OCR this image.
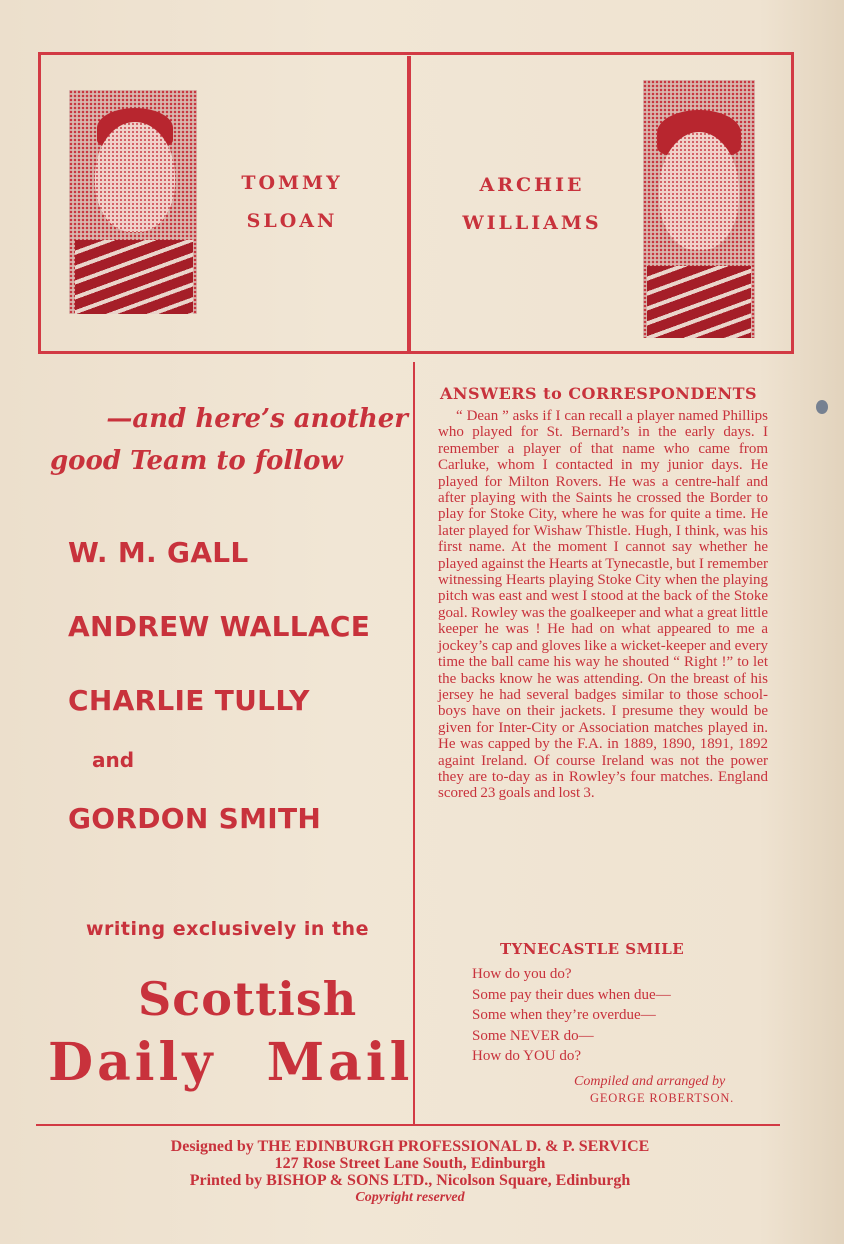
TOMMY
SLOAN
ARCHIE
WILLIAMS
—and here’s another
good Team to follow
W. M. GALL
ANDREW WALLACE
CHARLIE TULLY
and
GORDON SMITH
writing exclusively in the
Scottish
Daily Mail
ANSWERS to CORRESPONDENTS
“ Dean ” asks if I can recall a player named Phillips who played for St. Bernard’s in the early days. I remember a player of that name who came from Carluke, whom I contacted in my junior days. He played for Milton Rovers. He was a centre-half and after playing with the Saints he crossed the Border to play for Stoke City, where he was for quite a time. He later played for Wishaw Thistle. Hugh, I think, was his first name. At the moment I cannot say whether he played against the Hearts at Tynecastle, but I remember witnessing Hearts playing Stoke City when the playing pitch was east and west I stood at the back of the Stoke goal. Rowley was the goalkeeper and what a great little keeper he was ! He had on what appeared to me a jockey’s cap and gloves like a wicket-keeper and every time the ball came his way he shouted “ Right !” to let the backs know he was attending. On the breast of his jersey he had several badges similar to those school-boys have on their jackets. I presume they would be given for Inter-City or Association matches played in. He was capped by the F.A. in 1889, 1890, 1891, 1892 againt Ireland. Of course Ireland was not the power they are to-day as in Rowley’s four matches. England scored 23 goals and lost 3.
TYNECASTLE SMILE
How do you do?
Some pay their dues when due—
Some when they’re overdue—
Some NEVER do—
How do YOU do?
Compiled and arranged by
GEORGE ROBERTSON.
Designed by THE EDINBURGH PROFESSIONAL D. & P. SERVICE
127 Rose Street Lane South, Edinburgh
Printed by BISHOP & SONS LTD., Nicolson Square, Edinburgh
Copyright reserved
